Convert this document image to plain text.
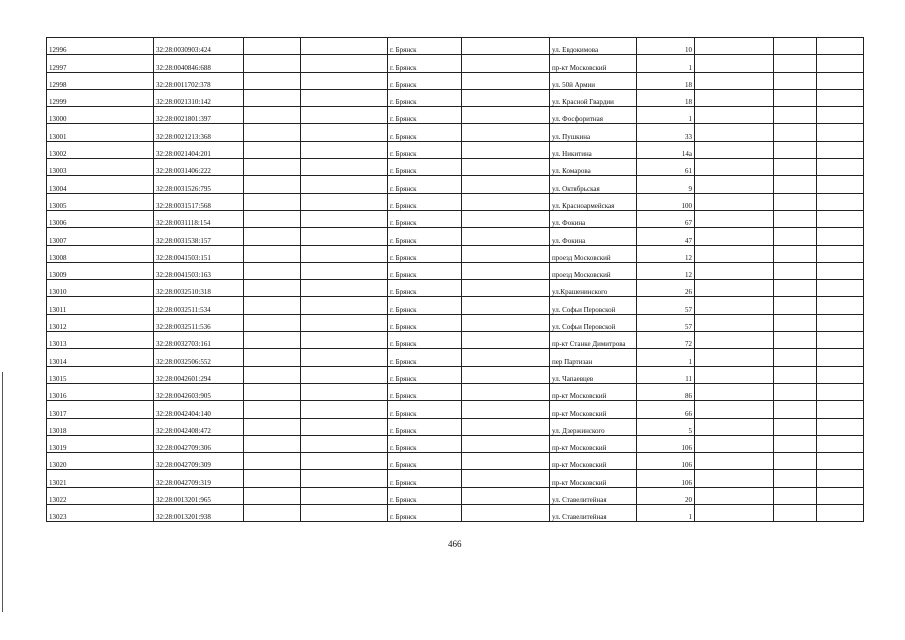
12996	32:28:0030903:424			г. Брянск		ул. Евдокимова	10			
12997	32:28:0040846:688			г. Брянск		пр-кт Московский	1			
12998	32:28:0011702:378			г. Брянск		ул. 50й Армии	18			
12999	32:28:0021310:142			г. Брянск		ул. Красной Гвардии	18			
13000	32:28:0021801:397			г. Брянск		ул. Фосфоритная	1			
13001	32:28:0021213:368			г. Брянск		ул. Пушкина	33			
13002	32:28:0021404:201			г. Брянск		ул. Никитина	14а			
13003	32:28:0031406:222			г. Брянск		ул. Комарова	61			
13004	32:28:0031526:795			г. Брянск		ул. Октябрьская	9			
13005	32:28:0031517:568			г. Брянск		ул. Красноармейская	100			
13006	32:28:0031118:154			г. Брянск		ул. Фокина	67			
13007	32:28:0031538:157			г. Брянск		ул. Фокина	47			
13008	32:28:0041503:151			г. Брянск		проезд Московский	12			
13009	32:28:0041503:163			г. Брянск		проезд Московский	12			
13010	32:28:0032510:318			г. Брянск		ул.Крашенинского	26			
13011	32:28:0032511:534			г. Брянск		ул. Софьи Перовской	57			
13012	32:28:0032511:536			г. Брянск		ул. Софьи Перовской	57			
13013	32:28:0032703:161			г. Брянск		пр-кт Станке Димитрова	72			
13014	32:28:0032506:552			г. Брянск		пер Партизан	1			
13015	32:28:0042601:294			г. Брянск		ул. Чапаевцев	11			
13016	32:28:0042603:905			г. Брянск		пр-кт Московский	86			
13017	32:28:0042404:140			г. Брянск		пр-кт Московский	66			
13018	32:28:0042408:472			г. Брянск		ул. Дзержинского	5			
13019	32:28:0042709:306			г. Брянск		пр-кт Московский	106			
13020	32:28:0042709:309			г. Брянск		пр-кт Московский	106			
13021	32:28:0042709:319			г. Брянск		пр-кт Московский	106			
13022	32:28:0013201:965			г. Брянск		ул. Ставелитейная	20			
13023	32:28:0013201:938			г. Брянск		ул. Ставелитейная	1			
466
